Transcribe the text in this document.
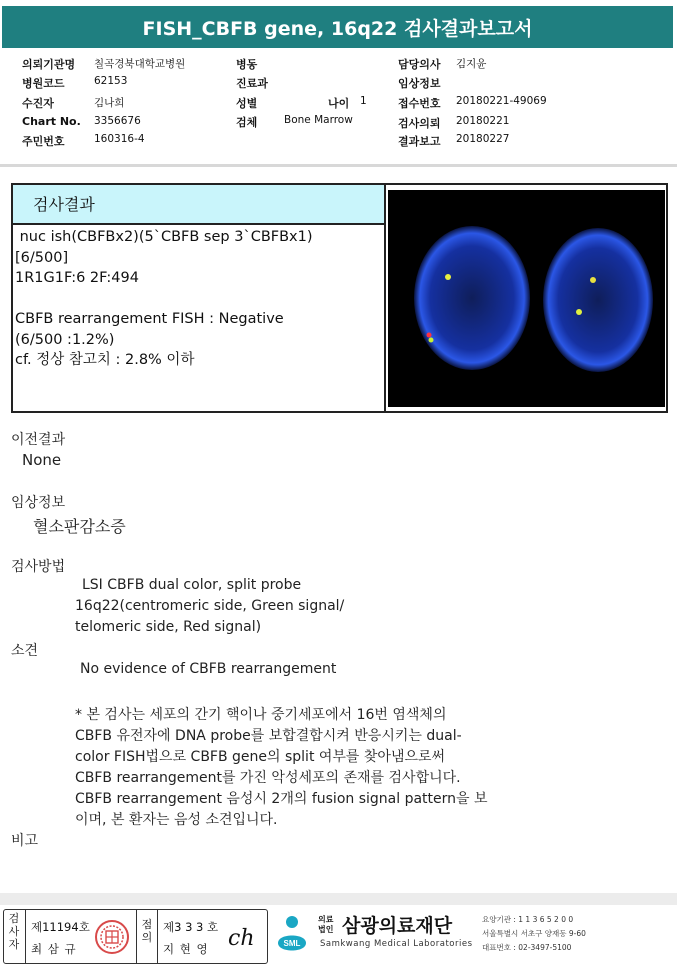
FISH_CBFB gene, 16q22 검사결과보고서
의뢰기관명 칠곡경북대학교병원
병원코드	62153
수진자	김나희
Chart No. 3356676
주민번호	160316-4
병동
진료과
성별	나이 1
검체	Bone Marrow
담당의사 김지윤
임상정보
접수번호 20180221-49069
검사의뢰 20180221
결과보고 20180227
검사결과
nuc ish(CBFBx2)(5`CBFB sep 3`CBFBx1)
[6/500]
1R1G1F:6 2F:494
CBFB rearrangement FISH : Negative
(6/500 :1.2%)
cf. 정상 참고치 : 2.8% 이하
이전결과
None
임상정보
혈소판감소증
검사방법
LSI CBFB dual color, split probe
16q22(centromeric side, Green signal/
telomeric side, Red signal)
소견
No evidence of CBFB rearrangement
* 본 검사는 세포의 간기 핵이나 중기세포에서 16번 염색체의
CBFB 유전자에 DNA probe를 보합결합시켜 반응시키는 dual-
color FISH법으로 CBFB gene의 split 여부를 찾아냄으로써
CBFB rearrangement를 가진 악성세포의 존재를 검사합니다.
CBFB rearrangement 음성시 2개의 fusion signal pattern을 보
이며, 본 환자는 음성 소견입니다.
비고
검사자
제11194호
최 삼 규
점의
제3 3 3 호
지 현 영 ch	SML
의료
법인 삼광의료재단
Samkwang Medical Laboratories
요양기관 : 1 1 3 6 5 2 0 0
서울특별시 서초구 양재동 9-60
대표번호 : 02-3497-5100
